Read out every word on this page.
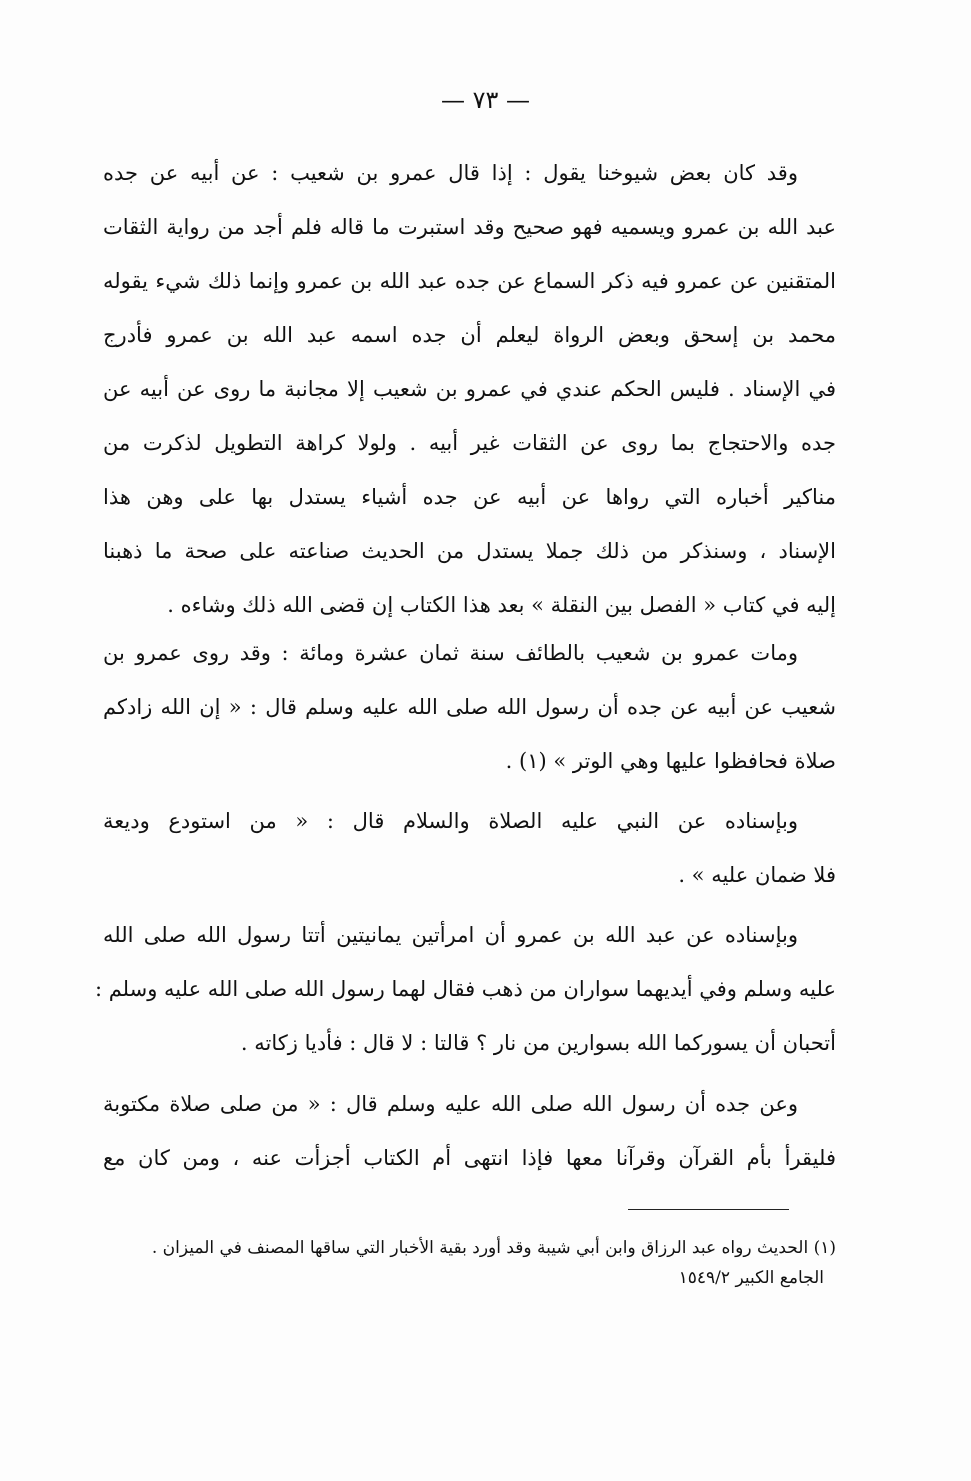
— ٧٣ —
وقد كان بعض شيوخنا يقول : إذا قال عمرو بن شعيب : عن أبيه عن جده
عبد الله بن عمرو ويسميه فهو صحيح وقد استبرت ما قاله فلم أجد من رواية الثقات
المتقنين عن عمرو فيه ذكر السماع عن جده عبد الله بن عمرو وإنما ذلك شيء يقوله
محمد بن إسحق وبعض الرواة ليعلم أن جده اسمه عبد الله بن عمرو فأدرج
في الإسناد . فليس الحكم عندي في عمرو بن شعيب إلا مجانبة ما روى عن أبيه عن
جده والاحتجاج بما روى عن الثقات غير أبيه . ولولا كراهة التطويل لذكرت من
مناكير أخباره التي رواها عن أبيه عن جده أشياء يستدل بها على وهن هذا
الإسناد ، وسنذكر من ذلك جملا يستدل من الحديث صناعته على صحة ما ذهبنا
إليه في كتاب « الفصل بين النقلة » بعد هذا الكتاب إن قضى الله ذلك وشاءه .
ومات عمرو بن شعيب بالطائف سنة ثمان عشرة ومائة : وقد روى عمرو بن
شعيب عن أبيه عن جده أن رسول الله صلى الله عليه وسلم قال : « إن الله زادكم
صلاة فحافظوا عليها وهي الوتر » (١) .
وبإسناده عن النبي عليه الصلاة والسلام قال : « من استودع وديعة
فلا ضمان عليه » .
وبإسناده عن عبد الله بن عمرو أن امرأتين يمانيتين أتتا رسول الله صلى الله
عليه وسلم وفي أيديهما سواران من ذهب فقال لهما رسول الله صلى الله عليه وسلم :
أتحبان أن يسوركما الله بسوارين من نار ؟ قالتا : لا قال : فأديا زكاته .
وعن جده أن رسول الله صلى الله عليه وسلم قال : « من صلى صلاة مكتوبة
فليقرأ بأم القرآن وقرآنا معها فإذا انتهى أم الكتاب أجزأت عنه ، ومن كان مع
(١) الحديث رواه عبد الرزاق وابن أبي شيبة وقد أورد بقية الأخبار التي ساقها المصنف في الميزان .
الجامع الكبير ١٥٤٩/٢
